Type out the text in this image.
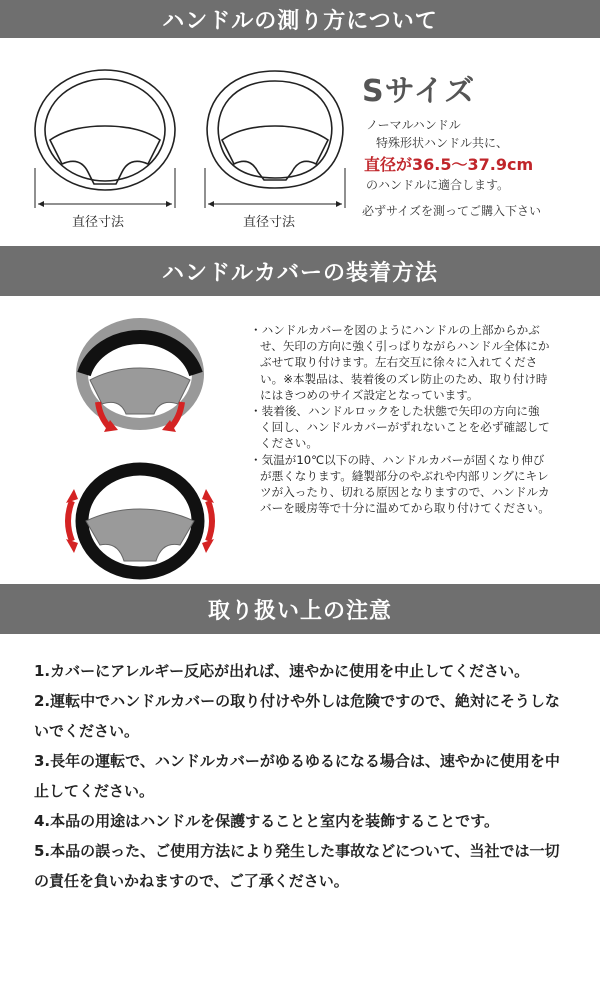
ハンドルの測り方について
直径寸法	直径寸法
Sサイズ
ノーマルハンドル
特殊形状ハンドル共に、
直径が36.5～37.9cm
のハンドルに適合します。
必ずサイズを測ってご購入下さい
ハンドルカバーの装着方法
・ハンドルカバーを図のようにハンドルの上部からかぶせ、矢印の方向に強く引っぱりながらハンドル全体にかぶせて取り付けます。左右交互に徐々に入れてください。※本製品は、装着後のズレ防止のため、取り付け時にはきつめのサイズ設定となっています。
・装着後、ハンドルロックをした状態で矢印の方向に強く回し、ハンドルカバーがずれないことを必ず確認してください。
・気温が10℃以下の時、ハンドルカバーが固くなり伸びが悪くなります。縫製部分のやぶれや内部リングにキレツが入ったり、切れる原因となりますので、ハンドルカバーを暖房等で十分に温めてから取り付けてください。
取り扱い上の注意
1.カバーにアレルギー反応が出れば、速やかに使用を中止してください。
2.運転中でハンドルカバーの取り付けや外しは危険ですので、絶対にそうしないでください。
3.長年の運転で、ハンドルカバーがゆるゆるになる場合は、速やかに使用を中止してください。
4.本品の用途はハンドルを保護することと室内を装飾することです。
5.本品の誤った、ご使用方法により発生した事故などについて、当社では一切の責任を負いかねますので、ご了承ください。
